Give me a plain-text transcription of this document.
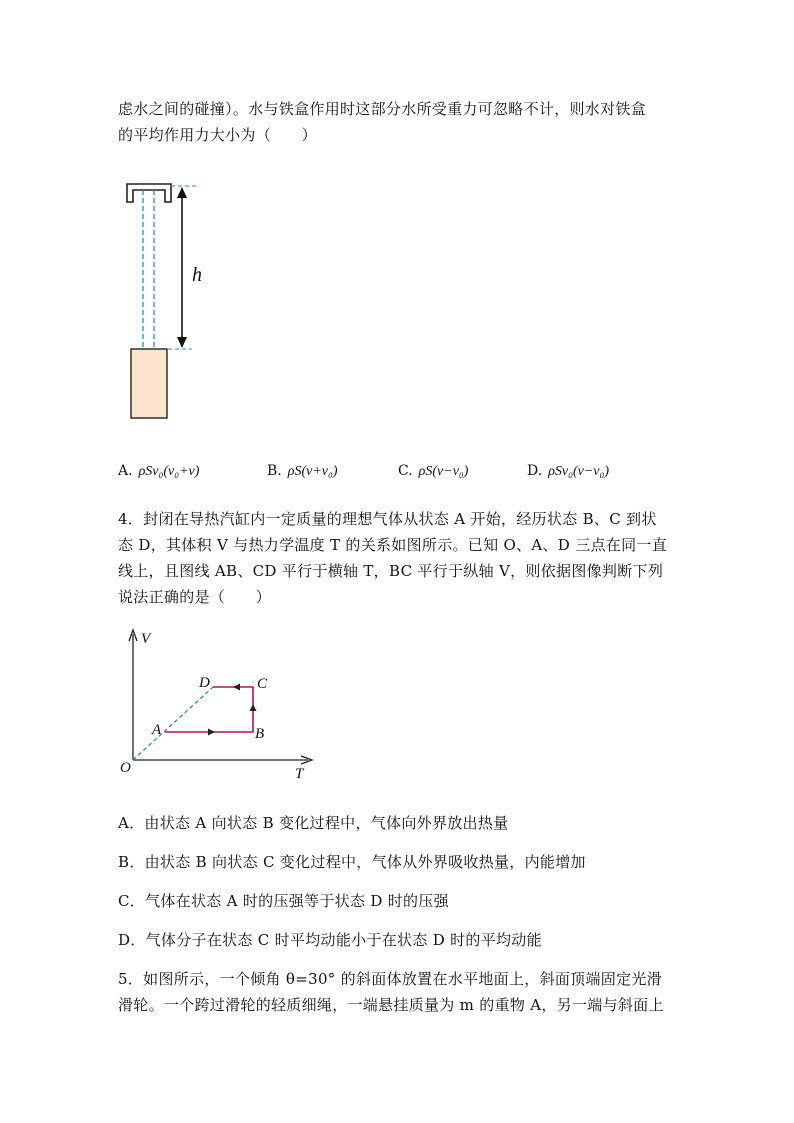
虑水之间的碰撞）。水与铁盒作用时这部分水所受重力可忽略不计，则水对铁盒
的平均作用力大小为（　　）
h
A. ρSv₀(v₀+v)	B. ρS(v+v₀)	C. ρS(v−v₀)	D. ρSv₀(v−v₀)
4．封闭在导热汽缸内一定质量的理想气体从状态 A 开始，经历状态 B、C 到状
态 D，其体积 V 与热力学温度 T 的关系如图所示。已知 O、A、D 三点在同一直
线上，且图线 AB、CD 平行于横轴 T，BC 平行于纵轴 V，则依据图像判断下列
说法正确的是（　　）
V
T
O
A	B
C
D
A．由状态 A 向状态 B 变化过程中，气体向外界放出热量
B．由状态 B 向状态 C 变化过程中，气体从外界吸收热量，内能增加
C．气体在状态 A 时的压强等于状态 D 时的压强
D．气体分子在状态 C 时平均动能小于在状态 D 时的平均动能
5．如图所示，一个倾角 θ=30° 的斜面体放置在水平地面上，斜面顶端固定光滑
滑轮。一个跨过滑轮的轻质细绳，一端悬挂质量为 m 的重物 A，另一端与斜面上
